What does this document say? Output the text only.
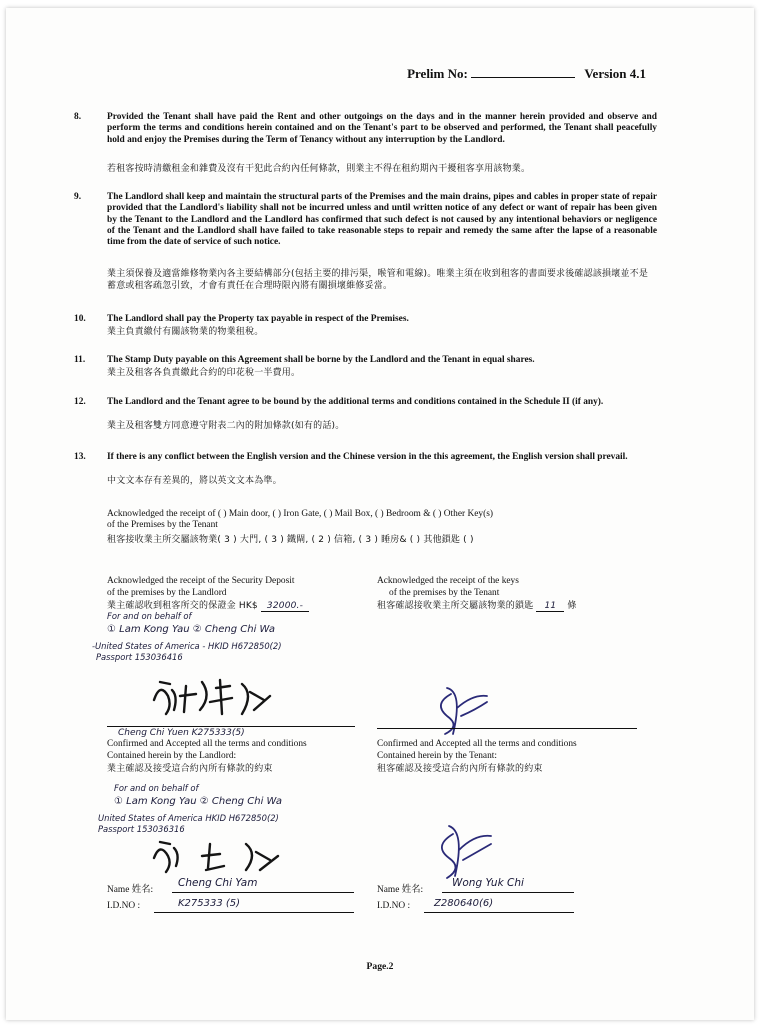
Prelim No:	Version 4.1
8.	Provided the Tenant shall have paid the Rent and other outgoings on the days and in the manner herein provided and observe and perform the terms and conditions herein contained and on the Tenant's part to be observed and performed, the Tenant shall peacefully hold and enjoy the Premises during the Term of Tenancy without any interruption by the Landlord.
若租客按時清繳租金和雜費及沒有干犯此合約內任何條款，則業主不得在租約期內干擾租客享用該物業。
9.	The Landlord shall keep and maintain the structural parts of the Premises and the main drains, pipes and cables in proper state of repair provided that the Landlord's liability shall not be incurred unless and until written notice of any defect or want of repair has been given by the Tenant to the Landlord and the Landlord has confirmed that such defect is not caused by any intentional behaviors or negligence of the Tenant and the Landlord shall have failed to take reasonable steps to repair and remedy the same after the lapse of a reasonable time from the date of service of such notice.
業主須保養及適當維修物業內各主要結構部分(包括主要的排污渠，喉管和電線)。唯業主須在收到租客的書面要求後確認該損壞並不是蓄意或租客疏忽引致，才會有責任在合理時限內將有關損壞維修妥當。
10. The Landlord shall pay the Property tax payable in respect of the Premises.
業主負責繳付有關該物業的物業租稅。
11. The Stamp Duty payable on this Agreement shall be borne by the Landlord and the Tenant in equal shares.
業主及租客各負責繳此合約的印花稅一半費用。
12. The Landlord and the Tenant agree to be bound by the additional terms and conditions contained in the Schedule II (if any).
業主及租客雙方同意遵守附表二內的附加條款(如有的話)。
13. If there is any conflict between the English version and the Chinese version in the this agreement, the English version shall prevail.
中文文本存有差異的，將以英文文本為準。
Acknowledged the receipt of ( ) Main door, ( ) Iron Gate, ( ) Mail Box, ( ) Bedroom & ( ) Other Key(s)
of the Premises by the Tenant
租客接收業主所交屬該物業( 3 ) 大門, ( 3 ) 鐵閘, ( 2 ) 信箱, ( 3 ) 睡房& ( ) 其他鎖匙 ( )
Acknowledged the receipt of the Security Deposit
of the premises by the Landlord
業主確認收到租客所交的保證金 HK$ 32000.-
Acknowledged the receipt of the keys
of the premises by the Tenant
租客確認接收業主所交屬該物業的鎖匙 11 條
For and on behalf of
① Lam Kong Yau ② Cheng Chi Wa
-United States of America - HKID H672850(2)
Passport 153036416
Cheng Chi Yuen K275333(5)
Confirmed and Accepted all the terms and conditions
Contained herein by the Landlord:
業主確認及接受這合約內所有條款的約束
Confirmed and Accepted all the terms and conditions
Contained herein by the Tenant:
租客確認及接受這合約內所有條款的約束
For and on behalf of
① Lam Kong Yau ② Cheng Chi Wa
United States of America HKID H672850(2)
Passport 153036316
Name 姓名:
Cheng Chi Yam
I.D.NO :	K275333 (5)
Name 姓名:
Wong Yuk Chi
I.D.NO : Z280640(6)
Page.2
